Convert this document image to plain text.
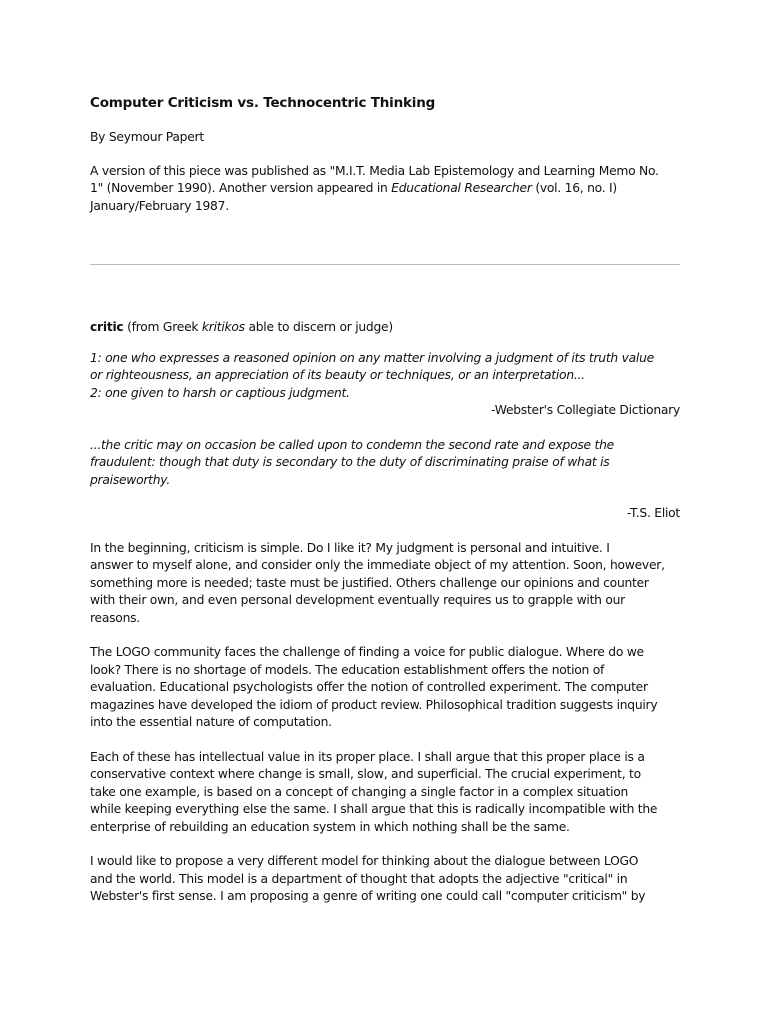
Computer Criticism vs. Technocentric Thinking

By Seymour Papert

A version of this piece was published as "M.I.T. Media Lab Epistemology and Learning Memo No.
1" (November 1990). Another version appeared in Educational Researcher (vol. 16, no. I)
January/February 1987.

critic (from Greek kritikos able to discern or judge)

1: one who expresses a reasoned opinion on any matter involving a judgment of its truth value
or righteousness, an appreciation of its beauty or techniques, or an interpretation...
2: one given to harsh or captious judgment.
-Webster's Collegiate Dictionary
...the critic may on occasion be called upon to condemn the second rate and expose the
fraudulent: though that duty is secondary to the duty of discriminating praise of what is
praiseworthy.
-T.S. Eliot

In the beginning, criticism is simple. Do I like it? My judgment is personal and intuitive. I
answer to myself alone, and consider only the immediate object of my attention. Soon, however,
something more is needed; taste must be justified. Others challenge our opinions and counter
with their own, and even personal development eventually requires us to grapple with our
reasons.

The LOGO community faces the challenge of finding a voice for public dialogue. Where do we
look? There is no shortage of models. The education establishment offers the notion of
evaluation. Educational psychologists offer the notion of controlled experiment. The computer
magazines have developed the idiom of product review. Philosophical tradition suggests inquiry
into the essential nature of computation.

Each of these has intellectual value in its proper place. I shall argue that this proper place is a
conservative context where change is small, slow, and superficial. The crucial experiment, to
take one example, is based on a concept of changing a single factor in a complex situation
while keeping everything else the same. I shall argue that this is radically incompatible with the
enterprise of rebuilding an education system in which nothing shall be the same.

I would like to propose a very different model for thinking about the dialogue between LOGO
and the world. This model is a department of thought that adopts the adjective "critical" in
Webster's first sense. I am proposing a genre of writing one could call "computer criticism" by
